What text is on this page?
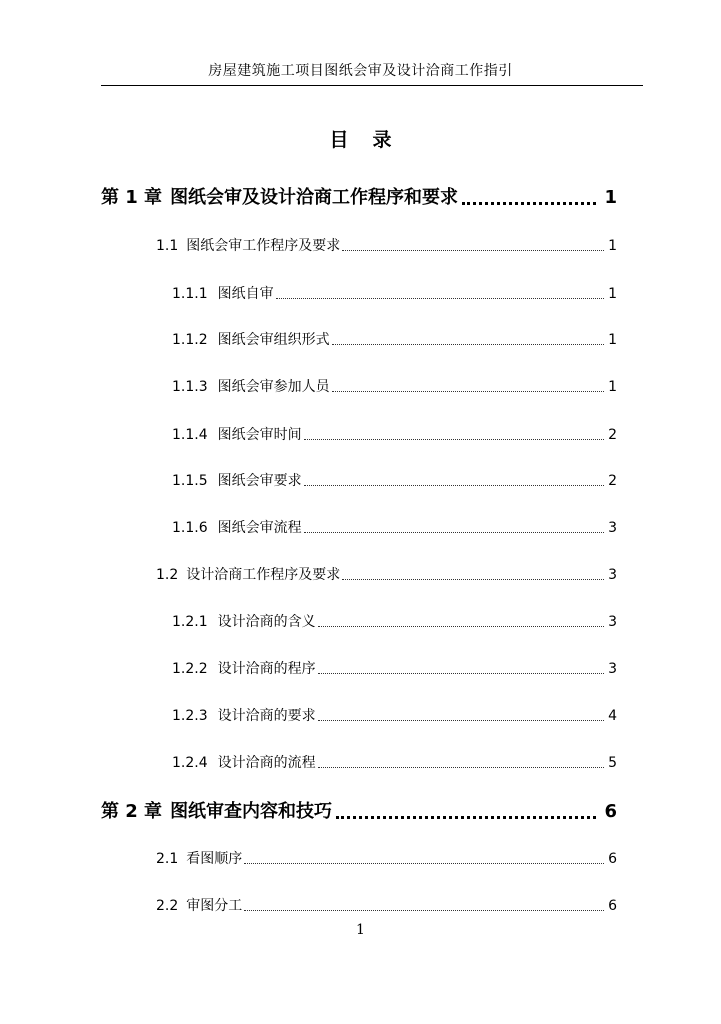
房屋建筑施工项目图纸会审及设计洽商工作指引
目录
第 1 章 图纸会审及设计洽商工作程序和要求	1
1.1 图纸会审工作程序及要求	1
1.1.1 图纸自审	1
1.1.2 图纸会审组织形式	1
1.1.3 图纸会审参加人员	1
1.1.4 图纸会审时间	2
1.1.5 图纸会审要求	2
1.1.6 图纸会审流程	3
1.2 设计洽商工作程序及要求	3
1.2.1 设计洽商的含义	3
1.2.2 设计洽商的程序	3
1.2.3 设计洽商的要求	4
1.2.4 设计洽商的流程	5
第 2 章 图纸审查内容和技巧	6
2.1 看图顺序	6
2.2 审图分工	6
1
